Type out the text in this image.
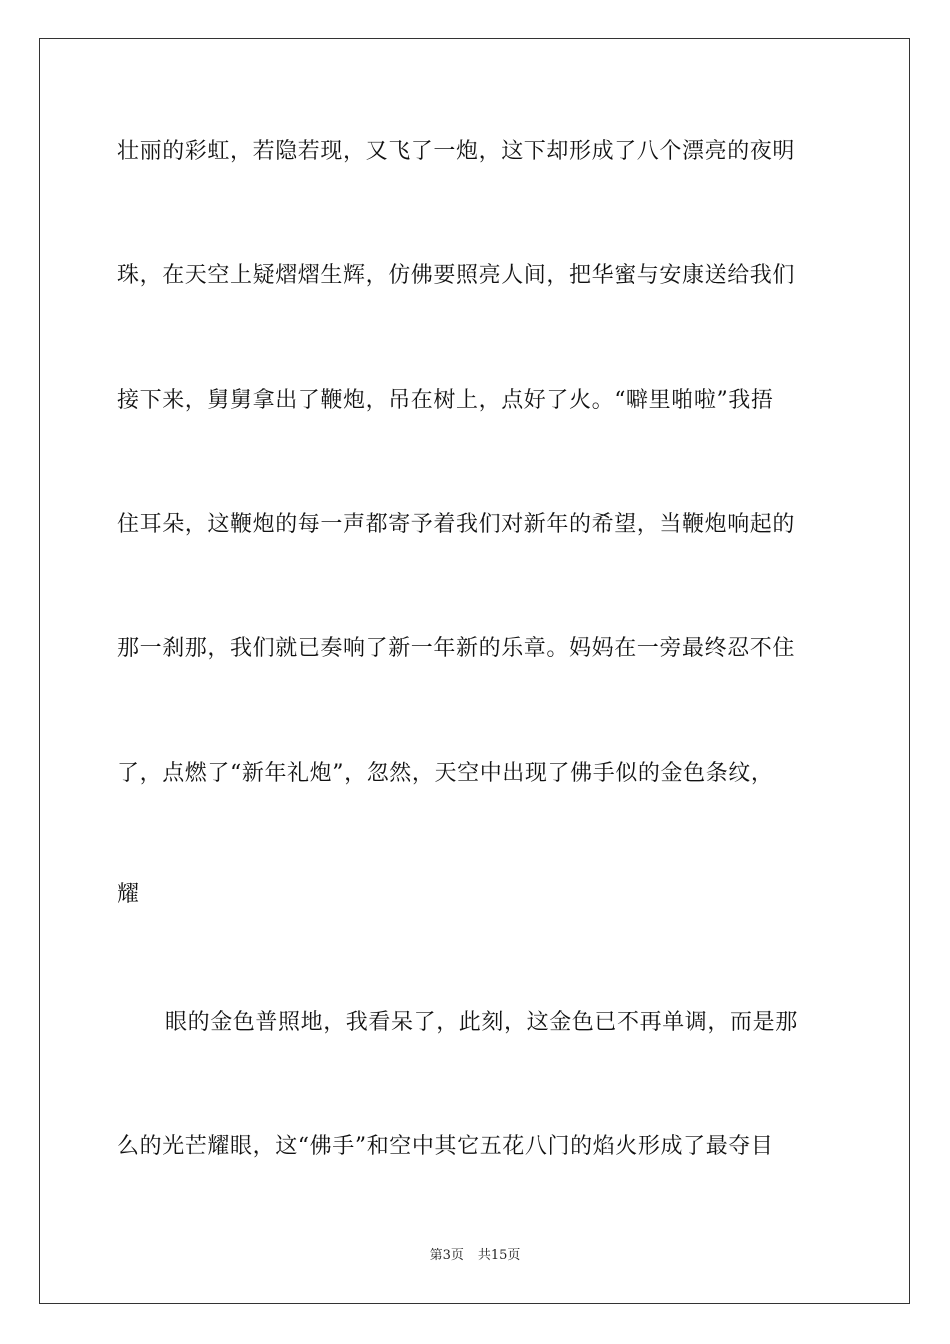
壮丽的彩虹，若隐若现，又飞了一炮，这下却形成了八个漂亮的夜明
珠，在天空上疑熠熠生辉，仿佛要照亮人间，把华蜜与安康送给我们
接下来，舅舅拿出了鞭炮，吊在树上，点好了火。“噼里啪啦”我捂
住耳朵，这鞭炮的每一声都寄予着我们对新年的希望，当鞭炮响起的
那一刹那，我们就已奏响了新一年新的乐章。妈妈在一旁最终忍不住
了，点燃了“新年礼炮”，忽然，天空中出现了佛手似的金色条纹，
耀
眼的金色普照地，我看呆了，此刻，这金色已不再单调，而是那
么的光芒耀眼，这“佛手”和空中其它五花八门的焰火形成了最夺目
第3页 共15页
